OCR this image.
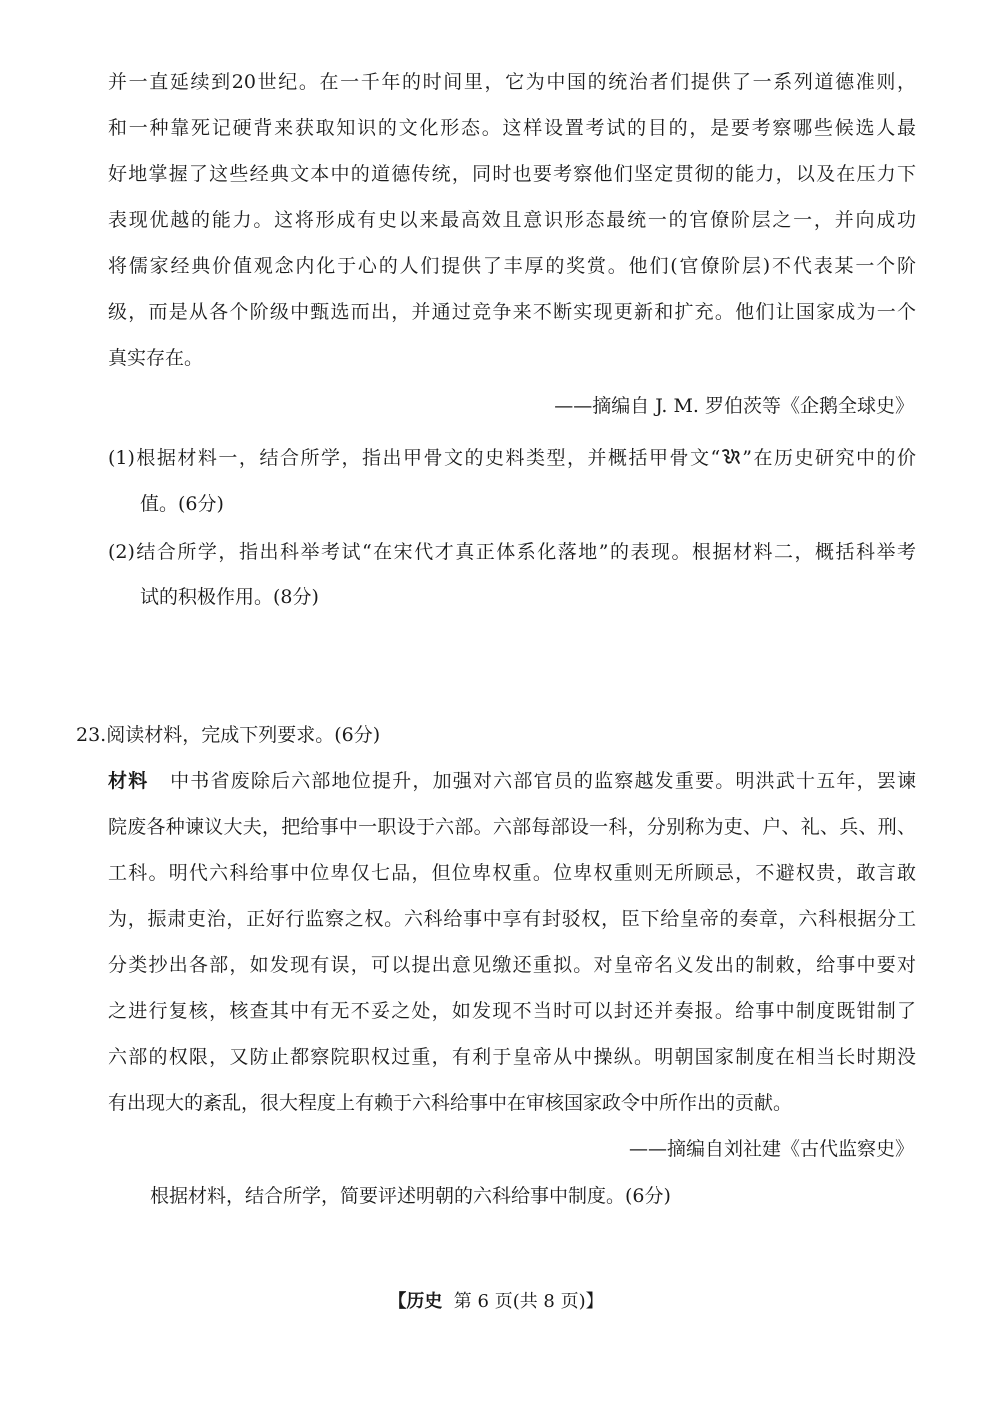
并一直延续到20世纪。在一千年的时间里，它为中国的统治者们提供了一系列道德准则，
和一种靠死记硬背来获取知识的文化形态。这样设置考试的目的，是要考察哪些候选人最
好地掌握了这些经典文本中的道德传统，同时也要考察他们坚定贯彻的能力，以及在压力下
表现优越的能力。这将形成有史以来最高效且意识形态最统一的官僚阶层之一，并向成功
将儒家经典价值观念内化于心的人们提供了丰厚的奖赏。他们(官僚阶层)不代表某一个阶
级，而是从各个阶级中甄选而出，并通过竞争来不断实现更新和扩充。他们让国家成为一个
真实存在。
——摘编自 J. M. 罗伯茨等《企鹅全球史》
(1)根据材料一，结合所学，指出甲骨文的史料类型，并概括甲骨文“ ”在历史研究中的价
值。(6分)
(2)结合所学，指出科举考试“在宋代才真正体系化落地”的表现。根据材料二，概括科举考
试的积极作用。(8分)
23.阅读材料，完成下列要求。(6分)
材料 中书省废除后六部地位提升，加强对六部官员的监察越发重要。明洪武十五年，罢谏
院废各种谏议大夫，把给事中一职设于六部。六部每部设一科，分别称为吏、户、礼、兵、刑、
工科。明代六科给事中位卑仅七品，但位卑权重。位卑权重则无所顾忌，不避权贵，敢言敢
为，振肃吏治，正好行监察之权。六科给事中享有封驳权，臣下给皇帝的奏章，六科根据分工
分类抄出各部，如发现有误，可以提出意见缴还重拟。对皇帝名义发出的制敕，给事中要对
之进行复核，核查其中有无不妥之处，如发现不当时可以封还并奏报。给事中制度既钳制了
六部的权限，又防止都察院职权过重，有利于皇帝从中操纵。明朝国家制度在相当长时期没
有出现大的紊乱，很大程度上有赖于六科给事中在审核国家政令中所作出的贡献。
——摘编自刘社建《古代监察史》
根据材料，结合所学，简要评述明朝的六科给事中制度。(6分)
【历史 第 6 页(共 8 页)】
